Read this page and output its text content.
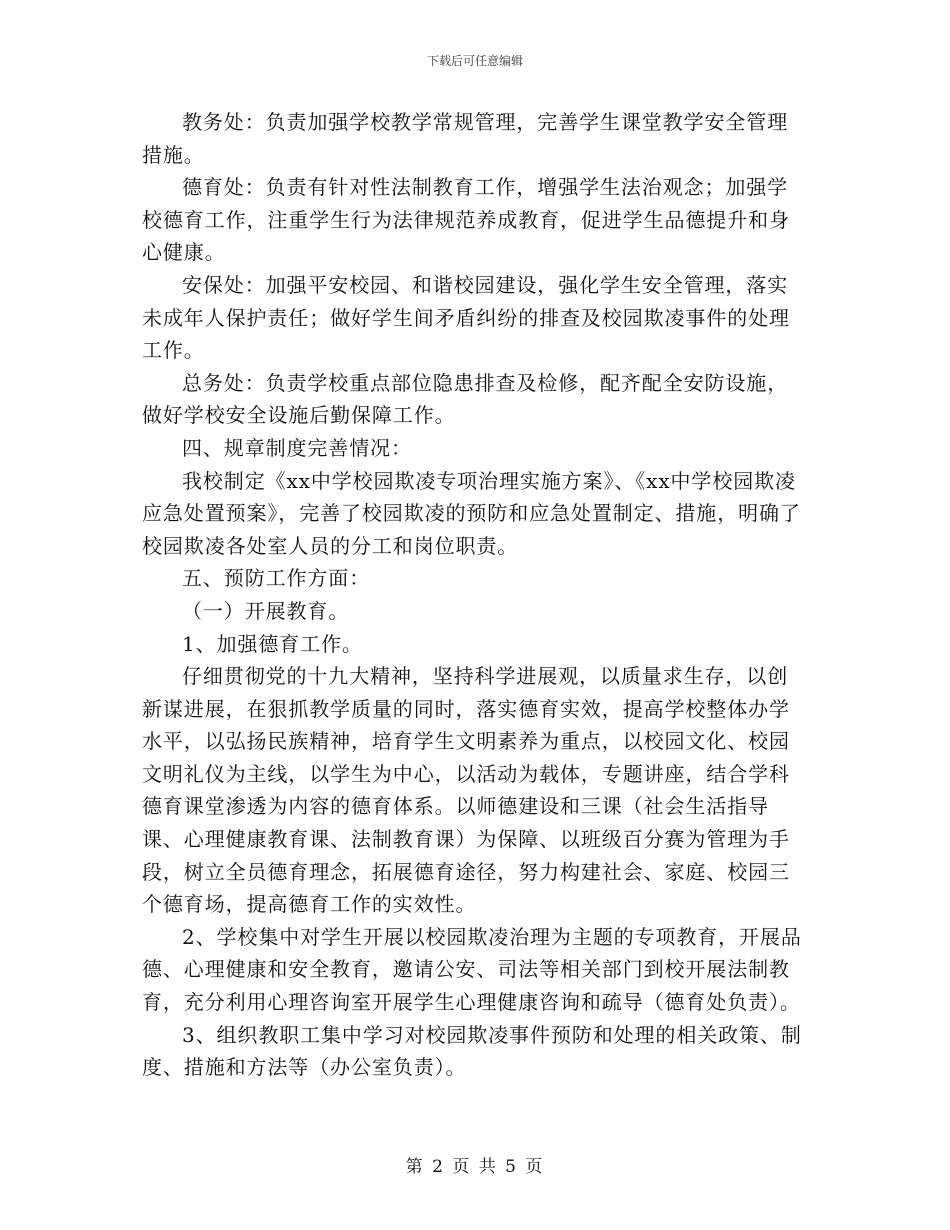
下载后可任意编辑

教务处：负责加强学校教学常规管理，完善学生课堂教学安全管理措施。

德育处：负责有针对性法制教育工作，增强学生法治观念；加强学校德育工作，注重学生行为法律规范养成教育，促进学生品德提升和身心健康。

安保处：加强平安校园、和谐校园建设，强化学生安全管理，落实未成年人保护责任；做好学生间矛盾纠纷的排查及校园欺凌事件的处理工作。

总务处：负责学校重点部位隐患排查及检修，配齐配全安防设施，做好学校安全设施后勤保障工作。

四、规章制度完善情况：

我校制定《xx中学校园欺凌专项治理实施方案》、《xx中学校园欺凌应急处置预案》，完善了校园欺凌的预防和应急处置制定、措施，明确了校园欺凌各处室人员的分工和岗位职责。

五、预防工作方面：

（一）开展教育。

1、加强德育工作。

仔细贯彻党的十九大精神，坚持科学进展观，以质量求生存，以创新谋进展，在狠抓教学质量的同时，落实德育实效，提高学校整体办学水平，以弘扬民族精神，培育学生文明素养为重点，以校园文化、校园文明礼仪为主线，以学生为中心，以活动为载体，专题讲座，结合学科德育课堂渗透为内容的德育体系。以师德建设和三课（社会生活指导课、心理健康教育课、法制教育课）为保障、以班级百分赛为管理为手段，树立全员德育理念，拓展德育途径，努力构建社会、家庭、校园三个德育场，提高德育工作的实效性。

2、学校集中对学生开展以校园欺凌治理为主题的专项教育，开展品德、心理健康和安全教育，邀请公安、司法等相关部门到校开展法制教育，充分利用心理咨询室开展学生心理健康咨询和疏导（德育处负责）。

3、组织教职工集中学习对校园欺凌事件预防和处理的相关政策、制度、措施和方法等（办公室负责）。

第 2 页 共 5 页
